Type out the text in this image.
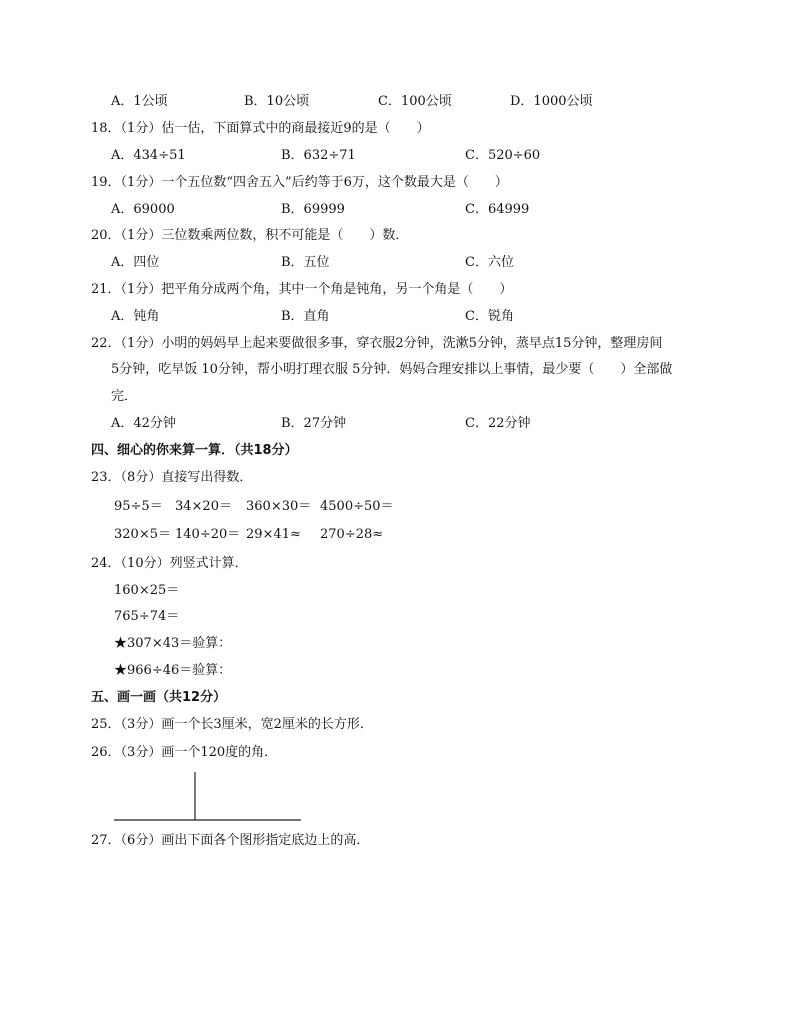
A．1公顷	B．10公顷	C．100公顷	D．1000公顷
18．（1分）估一估，下面算式中的商最接近9的是（　　）
A．434÷51	B．632÷71	C．520÷60
19．（1分）一个五位数“四舍五入”后约等于6万，这个数最大是（　　）
A．69000	B．69999	C．64999
20．（1分）三位数乘两位数，积不可能是（　　）数．
A．四位	B．五位	C．六位
21．（1分）把平角分成两个角，其中一个角是钝角，另一个角是（　　）
A．钝角	B．直角	C．锐角
22．（1分）小明的妈妈早上起来要做很多事，穿衣服2分钟，洗漱5分钟，蒸早点15分钟，整理房间
5分钟，吃早饭 10分钟，帮小明打理衣服 5分钟．妈妈合理安排以上事情，最少要（　　）全部做
完．
A．42分钟	B．27分钟	C．22分钟
四、细心的你来算一算．（共18分）
23．（8分）直接写出得数．
95÷5＝ 34×20＝ 360×30＝ 4500÷50＝
320×5＝ 140÷20＝ 29×41≈ 270÷28≈
24．（10分）列竖式计算．
160×25＝
765÷74＝
★307×43＝验算：
★966÷46＝验算：
五、画一画（共12分）
25．（3分）画一个长3厘米，宽2厘米的长方形．
26．（3分）画一个120度的角．
27．（6分）画出下面各个图形指定底边上的高．
